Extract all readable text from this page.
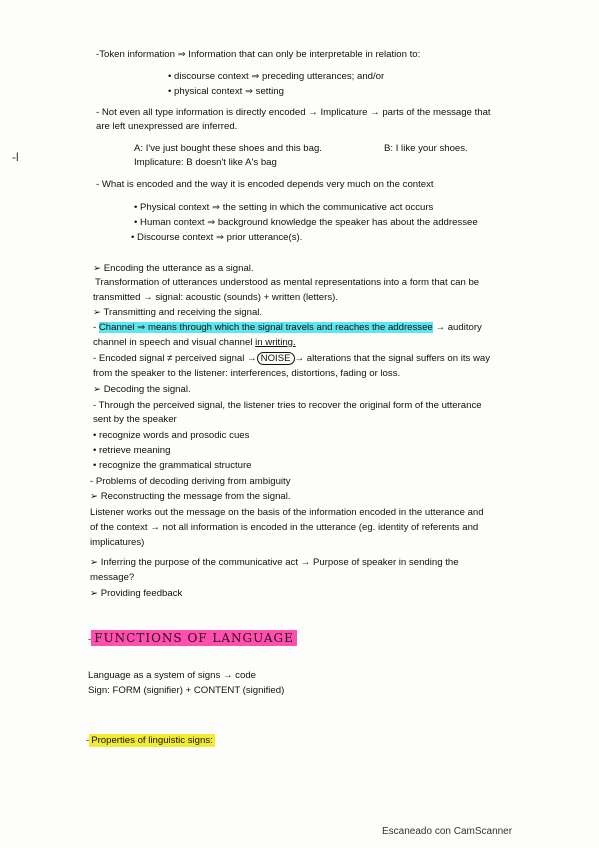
-l
-Token information ⇒ Information that can only be interpretable in relation to:
• discourse context ⇒ preceding utterances; and/or
• physical context ⇒ setting
- Not even all type information is directly encoded → Implicature → parts of the message that
are left unexpressed are inferred.
A: I've just bought these shoes and this bag.	B: I like your shoes.
Implicature: B doesn't like A's bag
- What is encoded and the way it is encoded depends very much on the context
• Physical context ⇒ the setting in which the communicative act occurs
• Human context ⇒ background knowledge the speaker has about the addressee
• Discourse context ⇒ prior utterance(s).
➢ Encoding the utterance as a signal.
Transformation of utterances understood as mental representations into a form that can be
transmitted → signal: acoustic (sounds) + written (letters).
➢ Transmitting and receiving the signal.
- Channel ⇒ means through which the signal travels and reaches the addressee → auditory
channel in speech and visual channel in writing.
- Encoded signal ≠ perceived signal → NOISE → alterations that the signal suffers on its way
from the speaker to the listener: interferences, distortions, fading or loss.
➢ Decoding the signal.
- Through the perceived signal, the listener tries to recover the original form of the utterance
sent by the speaker
• recognize words and prosodic cues
• retrieve meaning
• recognize the grammatical structure
- Problems of decoding deriving from ambiguity
➢ Reconstructing the message from the signal.
Listener works out the message on the basis of the information encoded in the utterance and
of the context → not all information is encoded in the utterance (eg. identity of referents and
implicatures)
➢ Inferring the purpose of the communicative act → Purpose of speaker in sending the
message?
➢ Providing feedback
- FUNCTIONS OF LANGUAGE
Language as a system of signs → code
Sign: FORM (signifier) + CONTENT (signified)
- Properties of linguistic signs:
Escaneado con CamScanner
